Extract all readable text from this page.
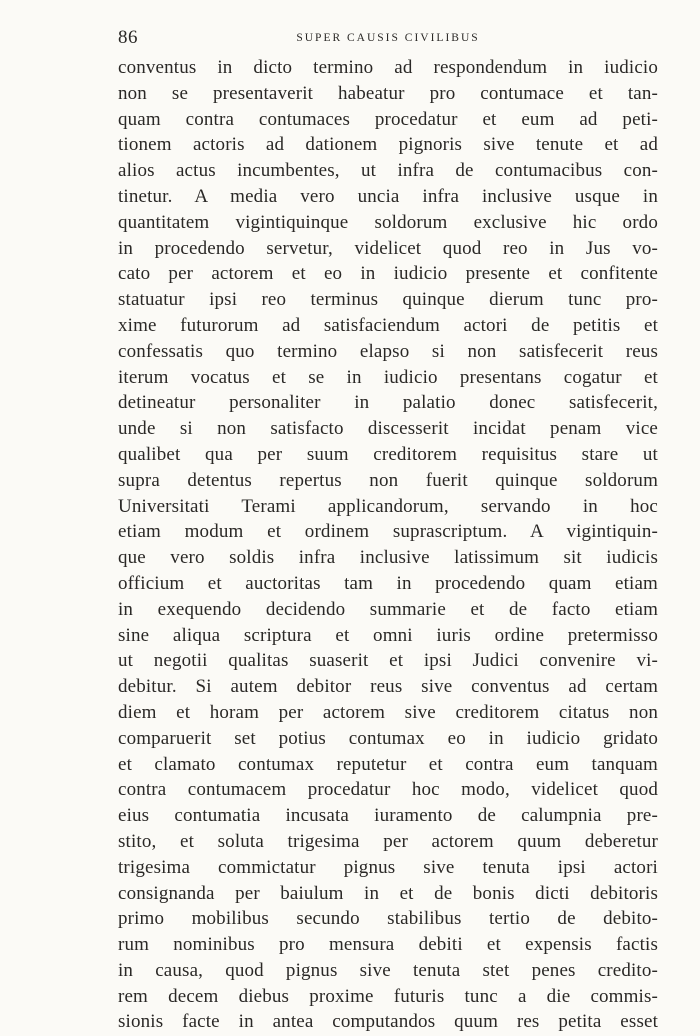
86	SUPER CAUSIS CIVILIBUS
conventus in dicto termino ad respondendum in iudicio
non se presentaverit habeatur pro contumace et tan-
quam contra contumaces procedatur et eum ad peti-
tionem actoris ad dationem pignoris sive tenute et ad
alios actus incumbentes, ut infra de contumacibus con-
tinetur. A media vero uncia infra inclusive usque in
quantitatem vigintiquinque soldorum exclusive hic ordo
in procedendo servetur, videlicet quod reo in Jus vo-
cato per actorem et eo in iudicio presente et confitente
statuatur ipsi reo terminus quinque dierum tunc pro-
xime futurorum ad satisfaciendum actori de petitis et
confessatis quo termino elapso si non satisfecerit reus
iterum vocatus et se in iudicio presentans cogatur et
detineatur personaliter in palatio donec satisfecerit,
unde si non satisfacto discesserit incidat penam vice
qualibet qua per suum creditorem requisitus stare ut
supra detentus repertus non fuerit quinque soldorum
Universitati Terami applicandorum, servando in hoc
etiam modum et ordinem suprascriptum. A vigintiquin-
que vero soldis infra inclusive latissimum sit iudicis
officium et auctoritas tam in procedendo quam etiam
in exequendo decidendo summarie et de facto etiam
sine aliqua scriptura et omni iuris ordine pretermisso
ut negotii qualitas suaserit et ipsi Judici convenire vi-
debitur. Si autem debitor reus sive conventus ad certam
diem et horam per actorem sive creditorem citatus non
comparuerit set potius contumax eo in iudicio gridato
et clamato contumax reputetur et contra eum tanquam
contra contumacem procedatur hoc modo, videlicet quod
eius contumatia incusata iuramento de calumpnia pre-
stito, et soluta trigesima per actorem quum deberetur
trigesima commictatur pignus sive tenuta ipsi actori
consignanda per baiulum in et de bonis dicti debitoris
primo mobilibus secundo stabilibus tertio de debito-
rum nominibus pro mensura debiti et expensis factis
in causa, quod pignus sive tenuta stet penes credito-
rem decem diebus proxime futuris tunc a die commis-
sionis facte in antea computandos quum res petita esset
